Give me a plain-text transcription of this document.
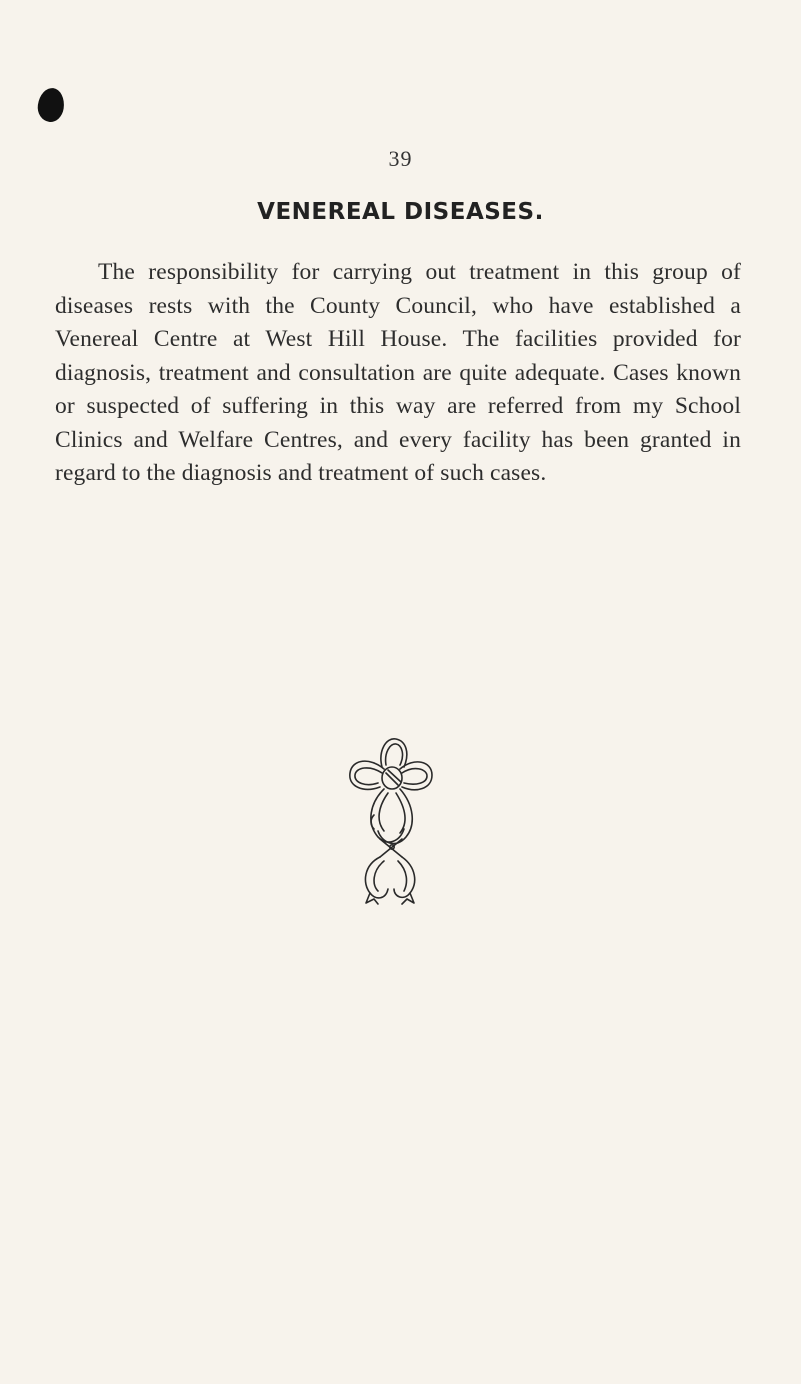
39
VENEREAL DISEASES.

The responsibility for carrying out treatment in this group of diseases rests with the County Council, who have established a Venereal Centre at West Hill House. The facilities provided for diagnosis, treatment and consultation are quite adequate. Cases known or suspected of suffering in this way are referred from my School Clinics and Welfare Centres, and every facility has been granted in regard to the diagnosis and treatment of such cases.
